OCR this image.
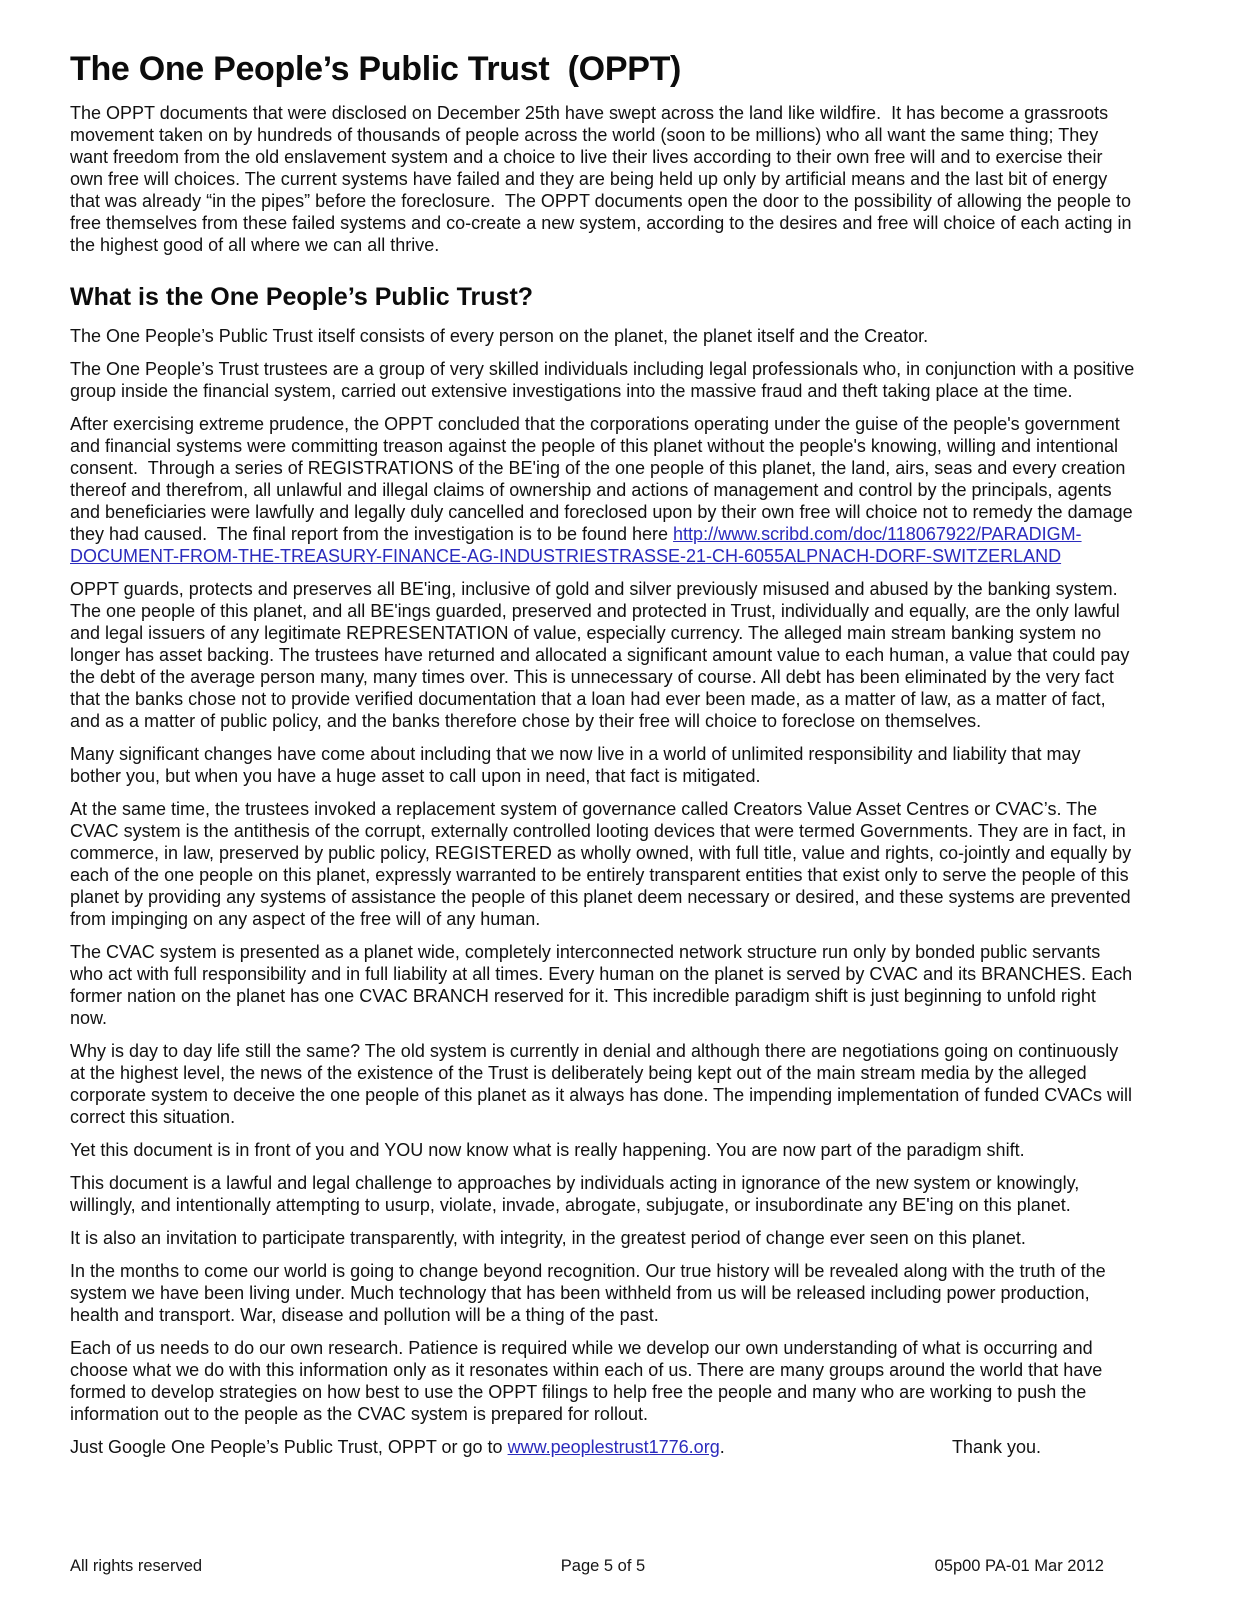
The One People’s Public Trust  (OPPT)

The OPPT documents that were disclosed on December 25th have swept across the land like wildfire.  It has become a grassroots movement taken on by hundreds of thousands of people across the world (soon to be millions) who all want the same thing; They want freedom from the old enslavement system and a choice to live their lives according to their own free will and to exercise their own free will choices. The current systems have failed and they are being held up only by artificial means and the last bit of energy that was already “in the pipes” before the foreclosure.  The OPPT documents open the door to the possibility of allowing the people to free themselves from these failed systems and co-create a new system, according to the desires and free will choice of each acting in the highest good of all where we can all thrive.

What is the One People’s Public Trust?

The One People’s Public Trust itself consists of every person on the planet, the planet itself and the Creator.

The One People’s Trust trustees are a group of very skilled individuals including legal professionals who, in conjunction with a positive group inside the financial system, carried out extensive investigations into the massive fraud and theft taking place at the time.

After exercising extreme prudence, the OPPT concluded that the corporations operating under the guise of the people's government and financial systems were committing treason against the people of this planet without the people's knowing, willing and intentional consent.  Through a series of REGISTRATIONS of the BE'ing of the one people of this planet, the land, airs, seas and every creation thereof and therefrom, all unlawful and illegal claims of ownership and actions of management and control by the principals, agents and beneficiaries were lawfully and legally duly cancelled and foreclosed upon by their own free will choice not to remedy the damage they had caused.  The final report from the investigation is to be found here http://www.scribd.com/doc/118067922/PARADIGM-DOCUMENT-FROM-THE-TREASURY-FINANCE-AG-INDUSTRIESTRASSE-21-CH-6055ALPNACH-DORF-SWITZERLAND

OPPT guards, protects and preserves all BE'ing, inclusive of gold and silver previously misused and abused by the banking system. The one people of this planet, and all BE'ings guarded, preserved and protected in Trust, individually and equally, are the only lawful and legal issuers of any legitimate REPRESENTATION of value, especially currency. The alleged main stream banking system no longer has asset backing. The trustees have returned and allocated a significant amount value to each human, a value that could pay the debt of the average person many, many times over. This is unnecessary of course. All debt has been eliminated by the very fact that the banks chose not to provide verified documentation that a loan had ever been made, as a matter of law, as a matter of fact, and as a matter of public policy, and the banks therefore chose by their free will choice to foreclose on themselves.

Many significant changes have come about including that we now live in a world of unlimited responsibility and liability that may bother you, but when you have a huge asset to call upon in need, that fact is mitigated.

At the same time, the trustees invoked a replacement system of governance called Creators Value Asset Centres or CVAC’s. The CVAC system is the antithesis of the corrupt, externally controlled looting devices that were termed Governments. They are in fact, in commerce, in law, preserved by public policy, REGISTERED as wholly owned, with full title, value and rights, co-jointly and equally by each of the one people on this planet, expressly warranted to be entirely transparent entities that exist only to serve the people of this planet by providing any systems of assistance the people of this planet deem necessary or desired, and these systems are prevented from impinging on any aspect of the free will of any human.

The CVAC system is presented as a planet wide, completely interconnected network structure run only by bonded public servants who act with full responsibility and in full liability at all times. Every human on the planet is served by CVAC and its BRANCHES. Each former nation on the planet has one CVAC BRANCH reserved for it. This incredible paradigm shift is just beginning to unfold right now.

Why is day to day life still the same? The old system is currently in denial and although there are negotiations going on continuously at the highest level, the news of the existence of the Trust is deliberately being kept out of the main stream media by the alleged corporate system to deceive the one people of this planet as it always has done. The impending implementation of funded CVACs will correct this situation.

Yet this document is in front of you and YOU now know what is really happening. You are now part of the paradigm shift.

This document is a lawful and legal challenge to approaches by individuals acting in ignorance of the new system or knowingly, willingly, and intentionally attempting to usurp, violate, invade, abrogate, subjugate, or insubordinate any BE'ing on this planet.

It is also an invitation to participate transparently, with integrity, in the greatest period of change ever seen on this planet.

In the months to come our world is going to change beyond recognition. Our true history will be revealed along with the truth of the system we have been living under. Much technology that has been withheld from us will be released including power production, health and transport. War, disease and pollution will be a thing of the past.

Each of us needs to do our own research. Patience is required while we develop our own understanding of what is occurring and choose what we do with this information only as it resonates within each of us. There are many groups around the world that have formed to develop strategies on how best to use the OPPT filings to help free the people and many who are working to push the information out to the people as the CVAC system is prepared for rollout.

Just Google One People’s Public Trust, OPPT or go to www.peoplestrust1776.org.	Thank you.

All rights reserved	Page 5 of 5	05p00 PA-01 Mar 2012
